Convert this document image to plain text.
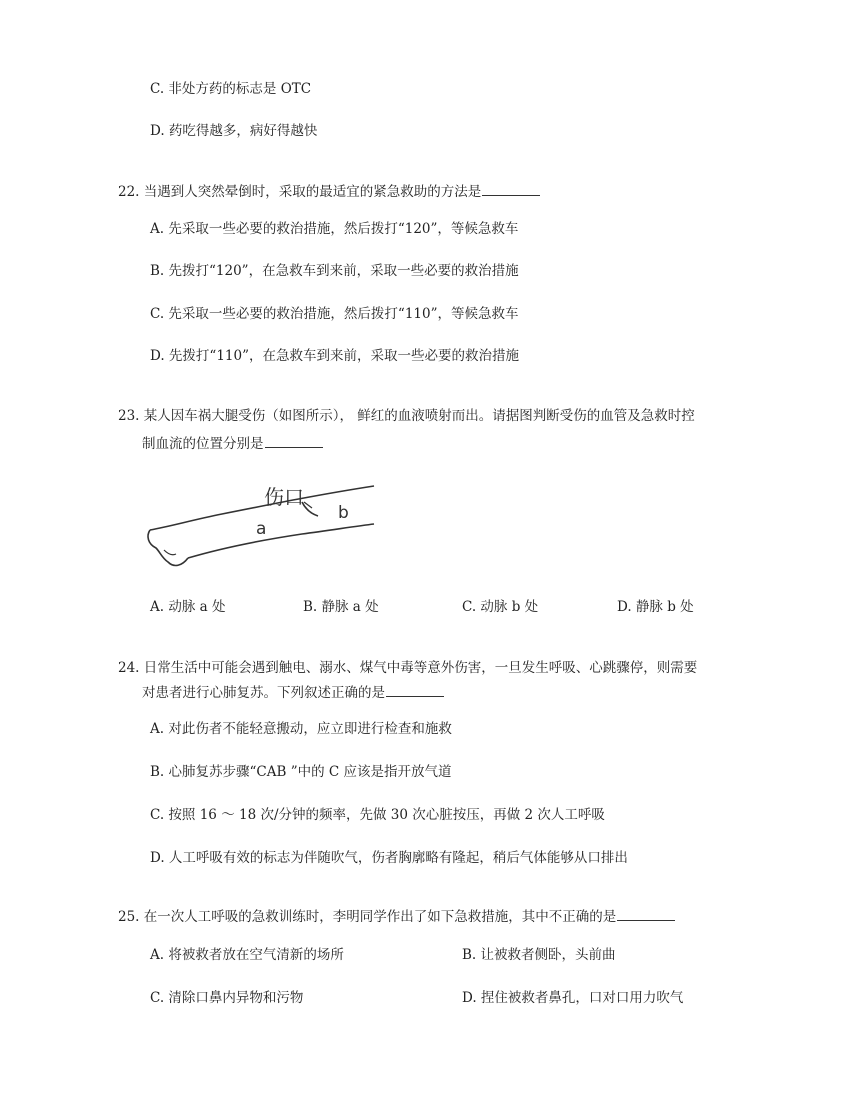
C. 非处方药的标志是 OTC
D. 药吃得越多，病好得越快
22. 当遇到人突然晕倒时，采取的最适宜的紧急救助的方法是
A. 先采取一些必要的救治措施，然后拨打“120”，等候急救车
B. 先拨打“120”，在急救车到来前，采取一些必要的救治措施
C. 先采取一些必要的救治措施，然后拨打“110”，等候急救车
D. 先拨打“110”，在急救车到来前，采取一些必要的救治措施
23. 某人因车祸大腿受伤（如图所示）， 鲜红的血液喷射而出。请据图判断受伤的血管及急救时控
制血流的位置分别是
伤口
a
b
A. 动脉 a 处	B. 静脉 a 处	C. 动脉 b 处	D. 静脉 b 处
24. 日常生活中可能会遇到触电、溺水、煤气中毒等意外伤害，一旦发生呼吸、心跳骤停，则需要
对患者进行心肺复苏。下列叙述正确的是
A. 对此伤者不能轻意搬动，应立即进行检查和施救
B. 心肺复苏步骤“CAB ”中的 C 应该是指开放气道
C. 按照 16 ～ 18 次/分钟的频率，先做 30 次心脏按压，再做 2 次人工呼吸
D. 人工呼吸有效的标志为伴随吹气，伤者胸廓略有隆起，稍后气体能够从口排出
25. 在一次人工呼吸的急救训练时，李明同学作出了如下急救措施，其中不正确的是
A. 将被救者放在空气清新的场所	B. 让被救者侧卧，头前曲
C. 清除口鼻内异物和污物	D. 捏住被救者鼻孔，口对口用力吹气
